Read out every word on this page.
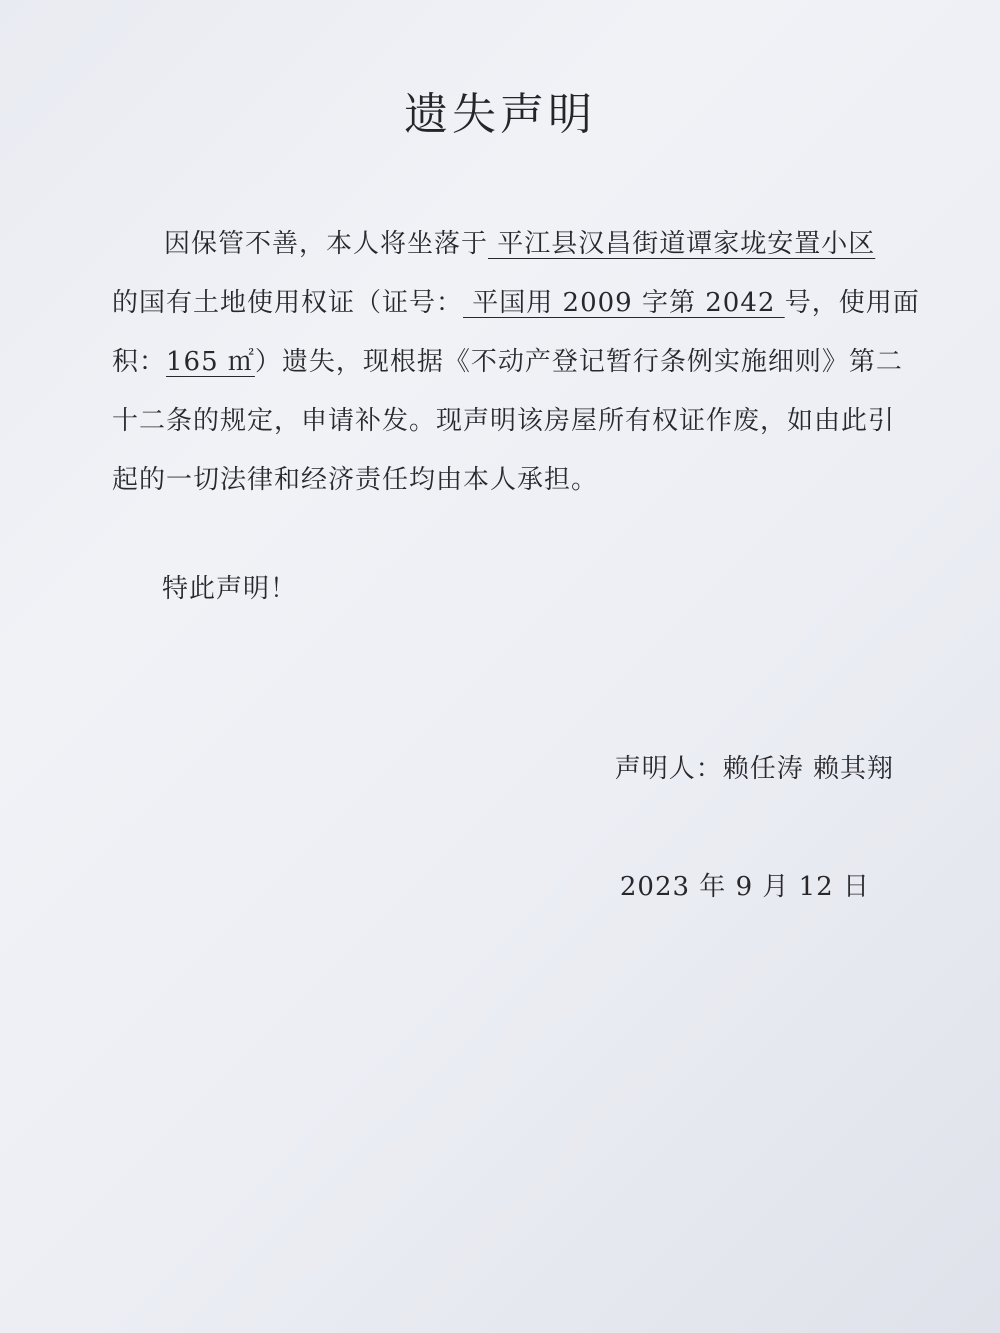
遗失声明
因保管不善，本人将坐落于 平江县汉昌街道谭家垅安置小区
的国有土地使用权证（证号： 平国用 2009 字第 2042 号，使用面
积：165 ㎡）遗失，现根据《不动产登记暂行条例实施细则》第二
十二条的规定，申请补发。现声明该房屋所有权证作废，如由此引
起的一切法律和经济责任均由本人承担。
特此声明！
声明人：赖任涛 赖其翔
2023 年 9 月 12 日
